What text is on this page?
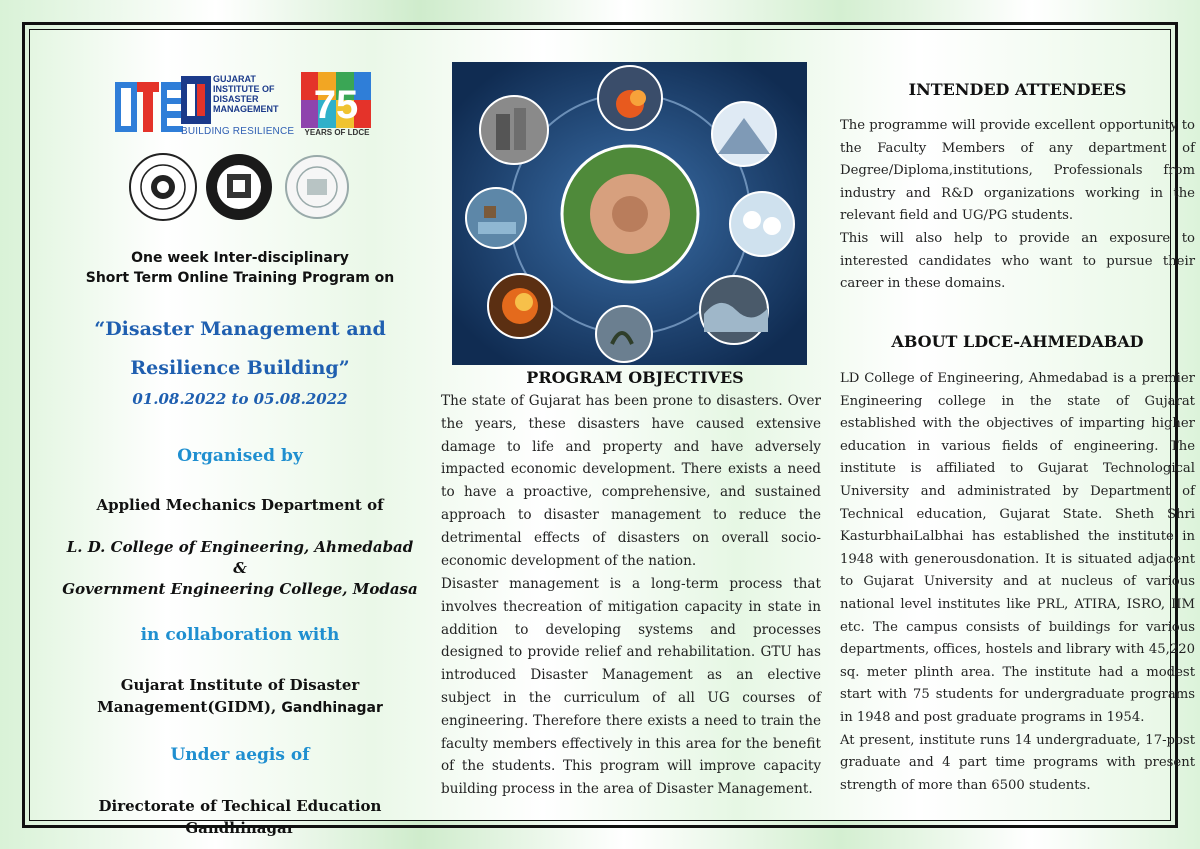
CTE
GUJARAT
INSTITUTE OF
DISASTER
MANAGEMENT
BUILDING RESILIENCE
75
YEARS OF LDCE
One week Inter-disciplinary
Short Term Online Training Program on
“Disaster Management and
Resilience Building”
01.08.2022 to 05.08.2022
Organised by
Applied Mechanics Department of
L. D. College of Engineering, Ahmedabad
&
Government Engineering College, Modasa
in collaboration with
Gujarat Institute of Disaster
Management(GIDM), Gandhinagar
Under aegis of
Directorate of Techical Education
Gandhinagar
PROGRAM OBJECTIVES

The state of Gujarat has been prone to disasters. Over the years, these disasters have caused extensive damage to life and property and have adversely impacted economic development. There exists a need to have a proactive, comprehensive, and sustained approach to disaster management to reduce the detrimental effects of disasters on overall socio-economic development of the nation.

Disaster management is a long-term process that involves thecreation of mitigation capacity in state in addition to developing systems and processes designed to provide relief and rehabilitation. GTU has introduced Disaster Management as an elective subject in the curriculum of all UG courses of engineering. Therefore there exists a need to train the faculty members effectively in this area for the benefit of the students. This program will improve capacity building process in the area of Disaster Management.

INTENDED ATTENDEES

The programme will provide excellent opportunity to the Faculty Members of any department of Degree/Diploma,institutions, Professionals from industry and R&D organizations working in the relevant field and UG/PG students.

This will also help to provide an exposure to interested candidates who want to pursue their career in these domains.

ABOUT LDCE-AHMEDABAD

LD College of Engineering, Ahmedabad is a premier Engineering college in the state of Gujarat established with the objectives of imparting higher education in various fields of engineering. The institute is affiliated to Gujarat Technological University and administrated by Department of Technical education, Gujarat State. Sheth Shri KasturbhaiLalbhai has established the institute in 1948 with generousdonation. It is situated adjacent to Gujarat University and at nucleus of various national level institutes like PRL, ATIRA, ISRO, IIM etc. The campus consists of buildings for various departments, offices, hostels and library with 45,220 sq. meter plinth area. The institute had a modest start with 75 students for undergraduate programs in 1948 and post graduate programs in 1954.

At present, institute runs 14 undergraduate, 17-post graduate and 4 part time programs with present strength of more than 6500 students.
